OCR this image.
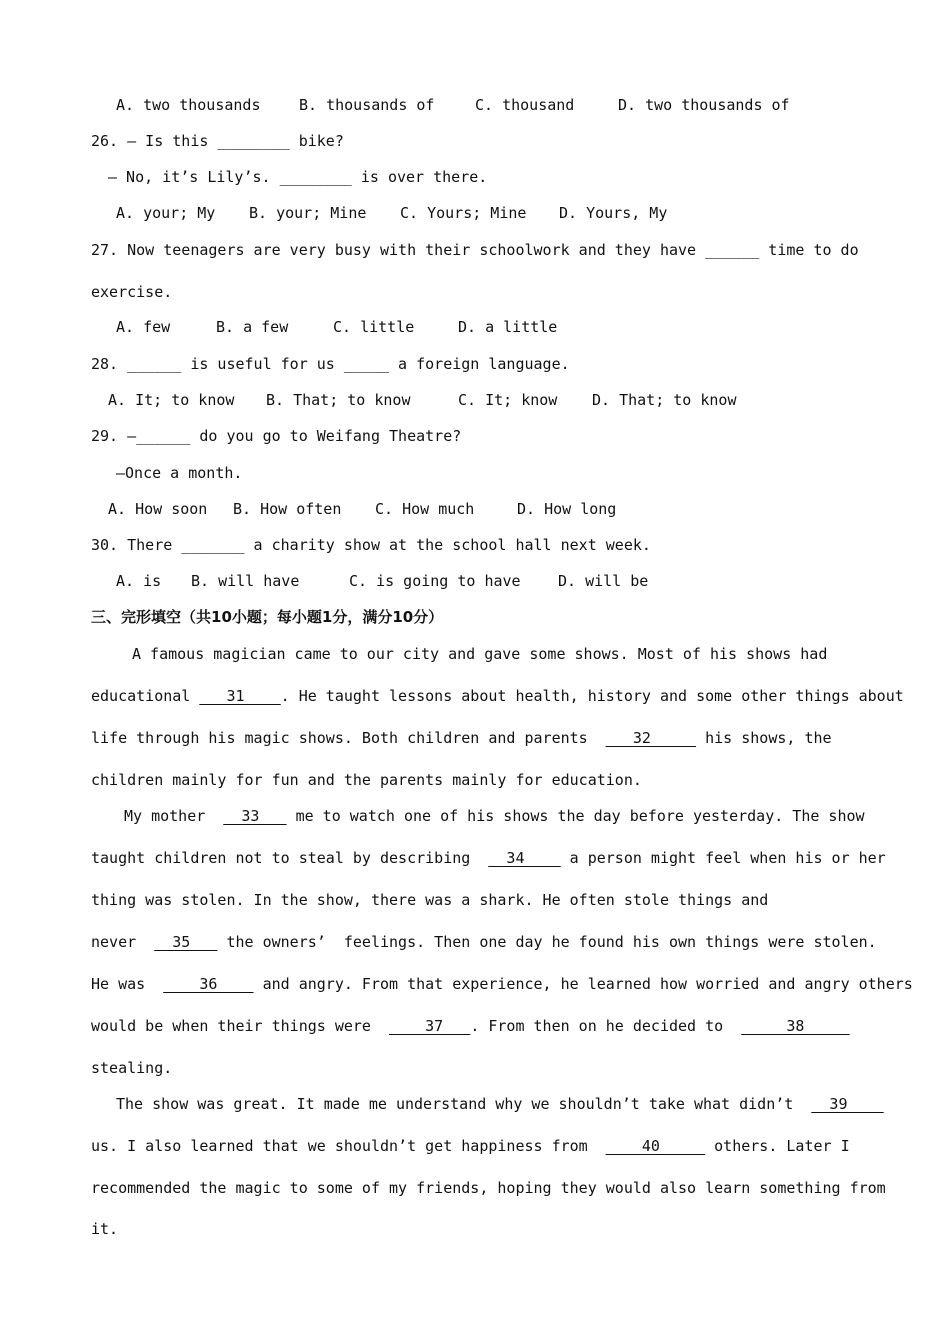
A. two thousands	B. thousands of	C. thousand	D. two thousands of
26. — Is this ________ bike?
— No, it’s Lily’s. ________ is over there.
A. your; My B. your; Mine C. Yours; Mine D. Yours, My
27. Now teenagers are very busy with their schoolwork and they have ______ time to do
exercise.
A. few	B. a few	C. little	D. a little
28. ______ is useful for us _____ a foreign language.
A. It; to know B. That; to know	C. It; know D. That; to know
29. —______ do you go to Weifang Theatre?
—Once a month.
A. How soon B. How often C. How much	D. How long
30. There _______ a charity show at the school hall next week.
A. is B. will have	C. is going to have D. will be
三、完形填空（共10小题；每小题1分，满分10分）
A famous magician came to our city and gave some shows. Most of his shows had
educational ___31____. He taught lessons about health, history and some other things about
life through his magic shows. Both children and parents ___32_____ his shows, the
children mainly for fun and the parents mainly for education.
My mother __33___ me to watch one of his shows the day before yesterday. The show
taught children not to steal by describing __34____ a person might feel when his or her
thing was stolen. In the show, there was a shark. He often stole things and
never __35___ the owners’  feelings. Then one day he found his own things were stolen.
He was ____36____ and angry. From that experience, he learned how worried and angry others
would be when their things were ____37___. From then on he decided to _____38_____
stealing.
The show was great. It made me understand why we shouldn’t take what didn’t __39____
us. I also learned that we shouldn’t get happiness from ____40_____ others. Later I
recommended the magic to some of my friends, hoping they would also learn something from
it.
